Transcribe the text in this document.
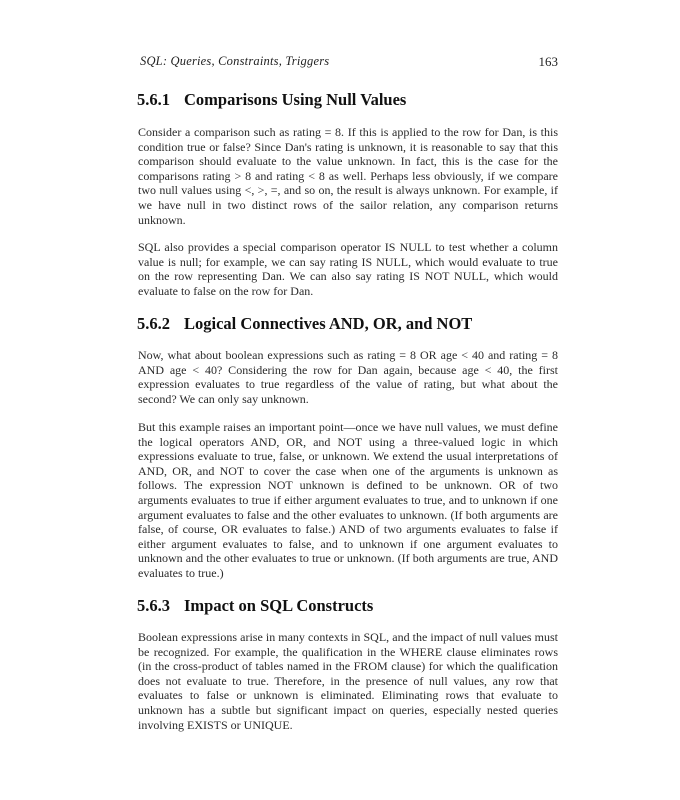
SQL: Queries, Constraints, Triggers	163
5.6.1 Comparisons Using Null Values
Consider a comparison such as rating = 8. If this is applied to the row for Dan, is this condition true or false? Since Dan's rating is unknown, it is reasonable to say that this comparison should evaluate to the value unknown. In fact, this is the case for the comparisons rating > 8 and rating < 8 as well. Perhaps less obviously, if we compare two null values using <, >, =, and so on, the result is always unknown. For example, if we have null in two distinct rows of the sailor relation, any comparison returns unknown.
SQL also provides a special comparison operator IS NULL to test whether a column value is null; for example, we can say rating IS NULL, which would evaluate to true on the row representing Dan. We can also say rating IS NOT NULL, which would evaluate to false on the row for Dan.
5.6.2 Logical Connectives AND, OR, and NOT
Now, what about boolean expressions such as rating = 8 OR age < 40 and rating = 8 AND age < 40? Considering the row for Dan again, because age < 40, the first expression evaluates to true regardless of the value of rating, but what about the second? We can only say unknown.
But this example raises an important point—once we have null values, we must define the logical operators AND, OR, and NOT using a three-valued logic in which expressions evaluate to true, false, or unknown. We extend the usual interpretations of AND, OR, and NOT to cover the case when one of the arguments is unknown as follows. The expression NOT unknown is defined to be unknown. OR of two arguments evaluates to true if either argument evaluates to true, and to unknown if one argument evaluates to false and the other evaluates to unknown. (If both arguments are false, of course, OR evaluates to false.) AND of two arguments evaluates to false if either argument evaluates to false, and to unknown if one argument evaluates to unknown and the other evaluates to true or unknown. (If both arguments are true, AND evaluates to true.)
5.6.3 Impact on SQL Constructs
Boolean expressions arise in many contexts in SQL, and the impact of null values must be recognized. For example, the qualification in the WHERE clause eliminates rows (in the cross-product of tables named in the FROM clause) for which the qualification does not evaluate to true. Therefore, in the presence of null values, any row that evaluates to false or unknown is eliminated. Eliminating rows that evaluate to unknown has a subtle but significant impact on queries, especially nested queries involving EXISTS or UNIQUE.
